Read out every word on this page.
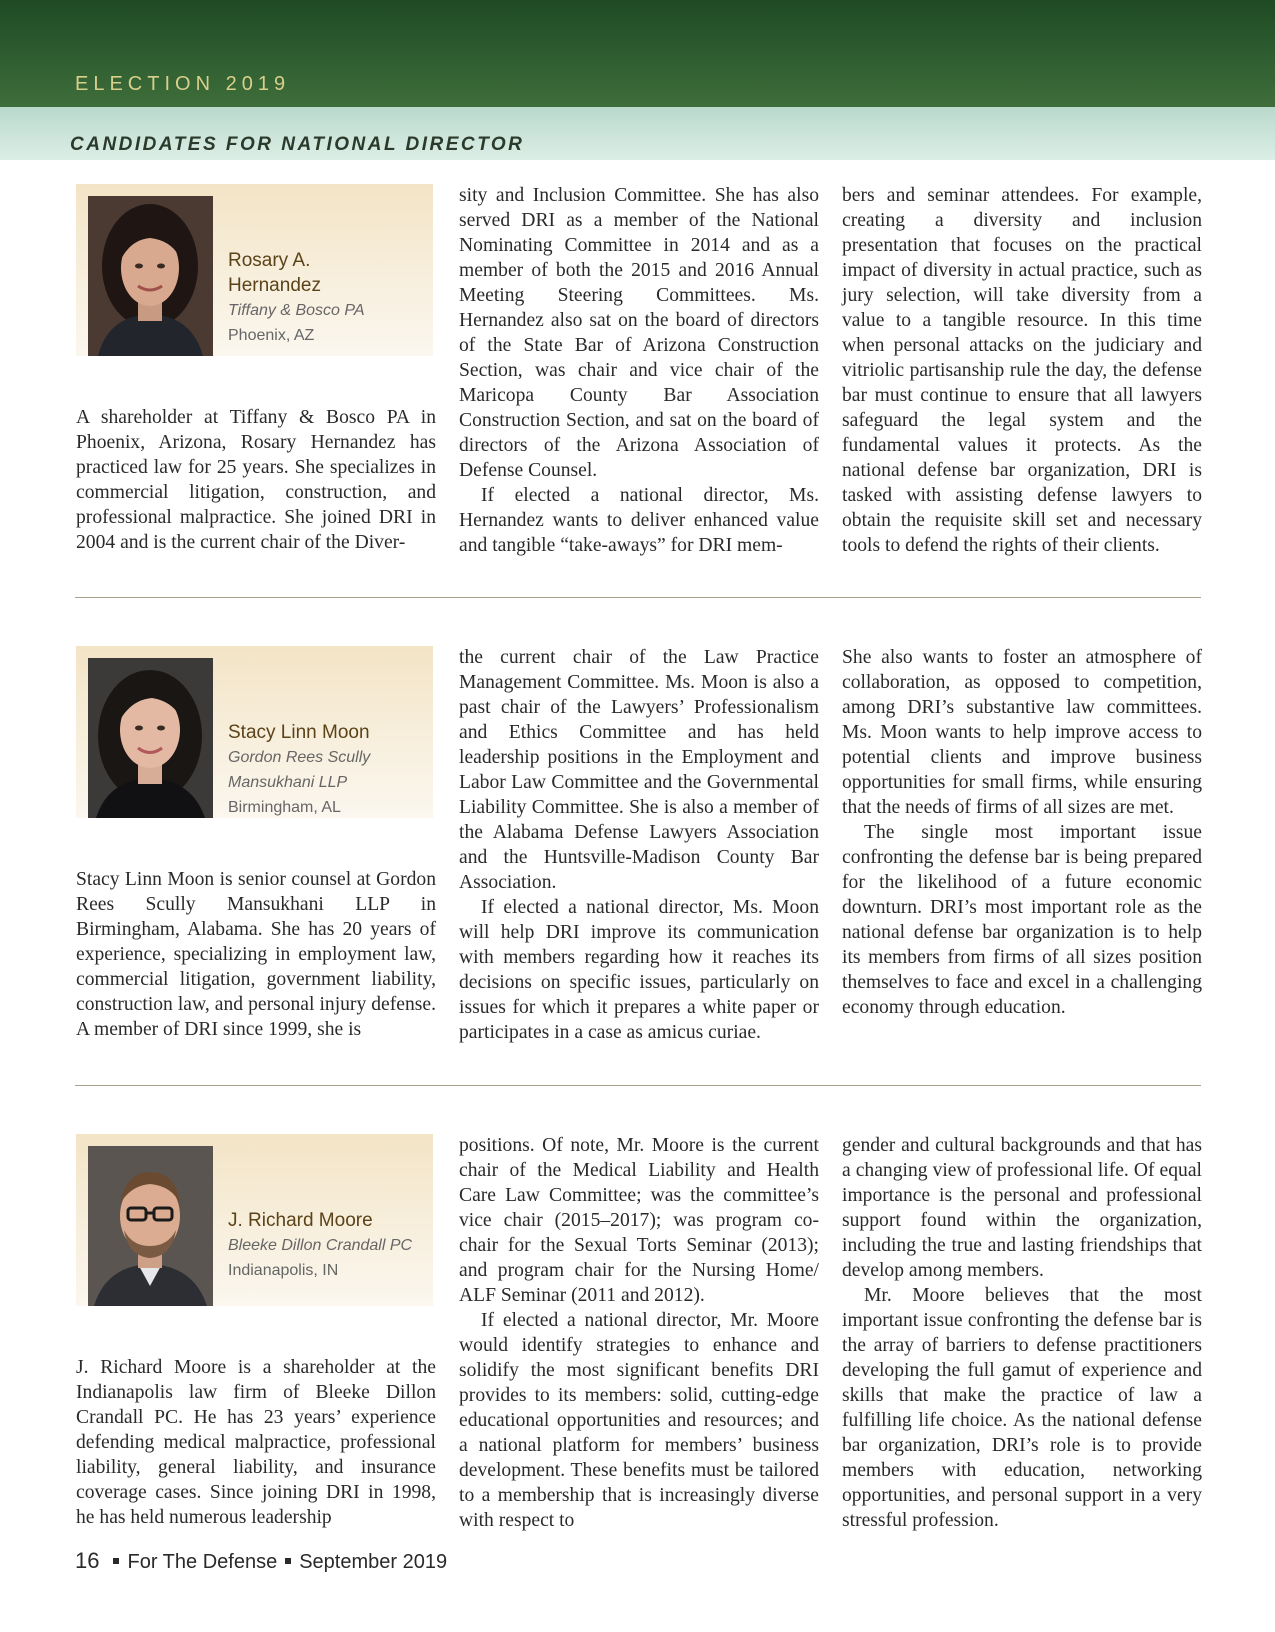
ELECTION 2019
CANDIDATES FOR NATIONAL DIRECTOR
Rosary A.
Hernandez
Tiffany & Bosco PA
Phoenix, AZ

A shareholder at Tiffany & Bosco PA in Phoenix, Arizona, Rosary Hernandez has practiced law for 25 years. She specializes in commercial litigation, construction, and professional malpractice. She joined DRI in 2004 and is the current chair of the Diver-

sity and Inclusion Committee. She has also served DRI as a member of the National Nominating Committee in 2014 and as a member of both the 2015 and 2016 Annual Meeting Steering Committees. Ms. Hernandez also sat on the board of directors of the State Bar of Arizona Construction Section, was chair and vice chair of the Maricopa County Bar Association Construction Section, and sat on the board of directors of the Arizona Association of Defense Counsel.

If elected a national director, Ms. Hernandez wants to deliver enhanced value and tangible “take-aways” for DRI mem-

bers and seminar attendees. For example, creating a diversity and inclusion presentation that focuses on the practical impact of diversity in actual practice, such as jury selection, will take diversity from a value to a tangible resource. In this time when personal attacks on the judiciary and vitriolic partisanship rule the day, the defense bar must continue to ensure that all lawyers safeguard the legal system and the fundamental values it protects. As the national defense bar organization, DRI is tasked with assisting defense lawyers to obtain the requisite skill set and necessary tools to defend the rights of their clients.

Stacy Linn Moon
Gordon Rees Scully
Mansukhani LLP
Birmingham, AL

Stacy Linn Moon is senior counsel at Gordon Rees Scully Mansukhani LLP in Birmingham, Alabama. She has 20 years of experience, specializing in employment law, commercial litigation, government liability, construction law, and personal injury defense. A member of DRI since 1999, she is

the current chair of the Law Practice Management Committee. Ms. Moon is also a past chair of the Lawyers’ Professionalism and Ethics Committee and has held leadership positions in the Employment and Labor Law Committee and the Governmental Liability Committee. She is also a member of the Alabama Defense Lawyers Association and the Huntsville-Madison County Bar Association.

If elected a national director, Ms. Moon will help DRI improve its communication with members regarding how it reaches its decisions on specific issues, particularly on issues for which it prepares a white paper or participates in a case as amicus curiae.

She also wants to foster an atmosphere of collaboration, as opposed to competition, among DRI’s substantive law committees. Ms. Moon wants to help improve access to potential clients and improve business opportunities for small firms, while ensuring that the needs of firms of all sizes are met.

The single most important issue confronting the defense bar is being prepared for the likelihood of a future economic downturn. DRI’s most important role as the national defense bar organization is to help its members from firms of all sizes position themselves to face and excel in a challenging economy through education.

J. Richard Moore
Bleeke Dillon Crandall PC
Indianapolis, IN

J. Richard Moore is a shareholder at the Indianapolis law firm of Bleeke Dillon Crandall PC. He has 23 years’ experience defending medical malpractice, professional liability, general liability, and insurance coverage cases. Since joining DRI in 1998, he has held numerous leadership

positions. Of note, Mr. Moore is the current chair of the Medical Liability and Health Care Law Committee; was the committee’s vice chair (2015–2017); was program co-chair for the Sexual Torts Seminar (2013); and program chair for the Nursing Home/ ALF Seminar (2011 and 2012).

If elected a national director, Mr. Moore would identify strategies to enhance and solidify the most significant benefits DRI provides to its members: solid, cutting-edge educational opportunities and resources; and a national platform for members’ business development. These benefits must be tailored to a membership that is increasingly diverse with respect to

gender and cultural backgrounds and that has a changing view of professional life. Of equal importance is the personal and professional support found within the organization, including the true and lasting friendships that develop among members.

Mr. Moore believes that the most important issue confronting the defense bar is the array of barriers to defense practitioners developing the full gamut of experience and skills that make the practice of law a fulfilling life choice. As the national defense bar organization, DRI’s role is to provide members with education, networking opportunities, and personal support in a very stressful profession.

16 For The Defense September 2019
